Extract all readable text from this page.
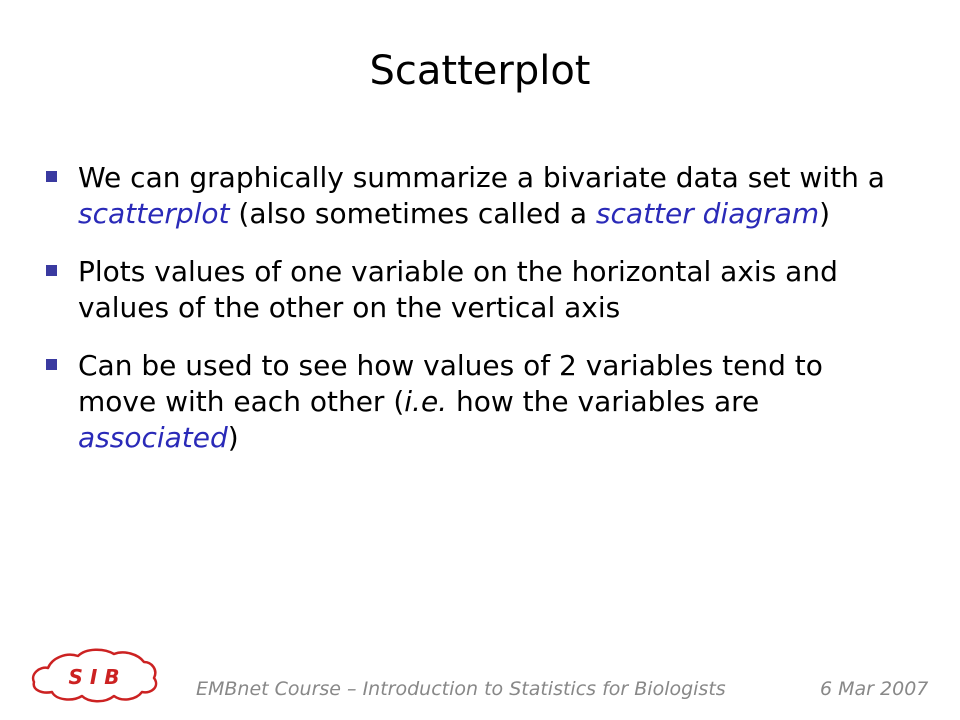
Scatterplot
We can graphically summarize a bivariate data set with a scatterplot (also sometimes called a scatter diagram)
Plots values of one variable on the horizontal axis and values of the other on the vertical axis
Can be used to see how values of 2 variables tend to move with each other (i.e. how the variables are associated)
S I B	EMBnet Course – Introduction to Statistics for Biologists	6 Mar 2007
